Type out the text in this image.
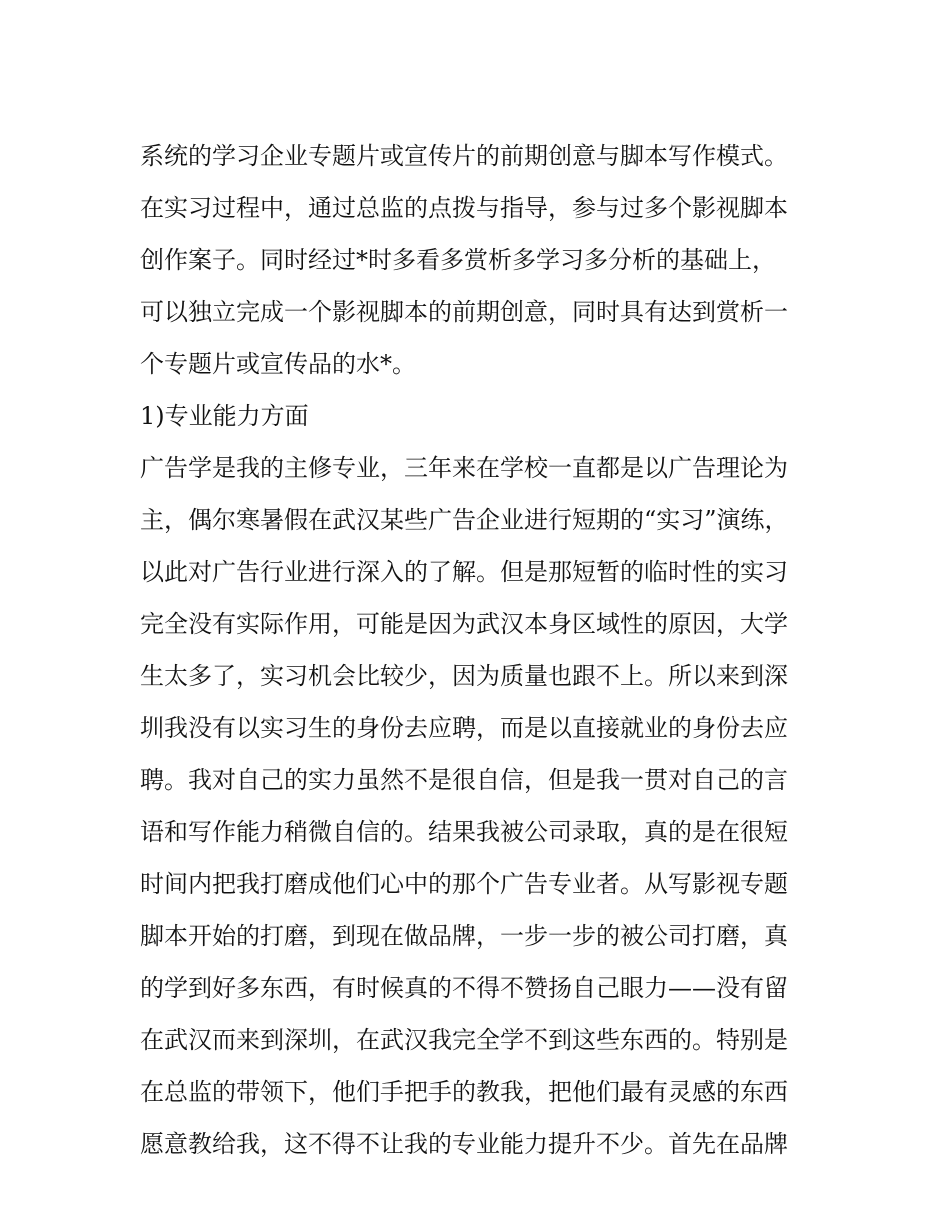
系统的学习企业专题片或宣传片的前期创意与脚本写作模式。
在实习过程中，通过总监的点拨与指导，参与过多个影视脚本
创作案子。同时经过*时多看多赏析多学习多分析的基础上，
可以独立完成一个影视脚本的前期创意，同时具有达到赏析一
个专题片或宣传品的水*。
1)专业能力方面
广告学是我的主修专业，三年来在学校一直都是以广告理论为
主，偶尔寒暑假在武汉某些广告企业进行短期的“实习”演练，
以此对广告行业进行深入的了解。但是那短暂的临时性的实习
完全没有实际作用，可能是因为武汉本身区域性的原因，大学
生太多了，实习机会比较少，因为质量也跟不上。所以来到深
圳我没有以实习生的身份去应聘，而是以直接就业的身份去应
聘。我对自己的实力虽然不是很自信，但是我一贯对自己的言
语和写作能力稍微自信的。结果我被公司录取，真的是在很短
时间内把我打磨成他们心中的那个广告专业者。从写影视专题
脚本开始的打磨，到现在做品牌，一步一步的被公司打磨，真
的学到好多东西，有时候真的不得不赞扬自己眼力——没有留
在武汉而来到深圳，在武汉我完全学不到这些东西的。特别是
在总监的带领下，他们手把手的教我，把他们最有灵感的东西
愿意教给我，这不得不让我的专业能力提升不少。首先在品牌
